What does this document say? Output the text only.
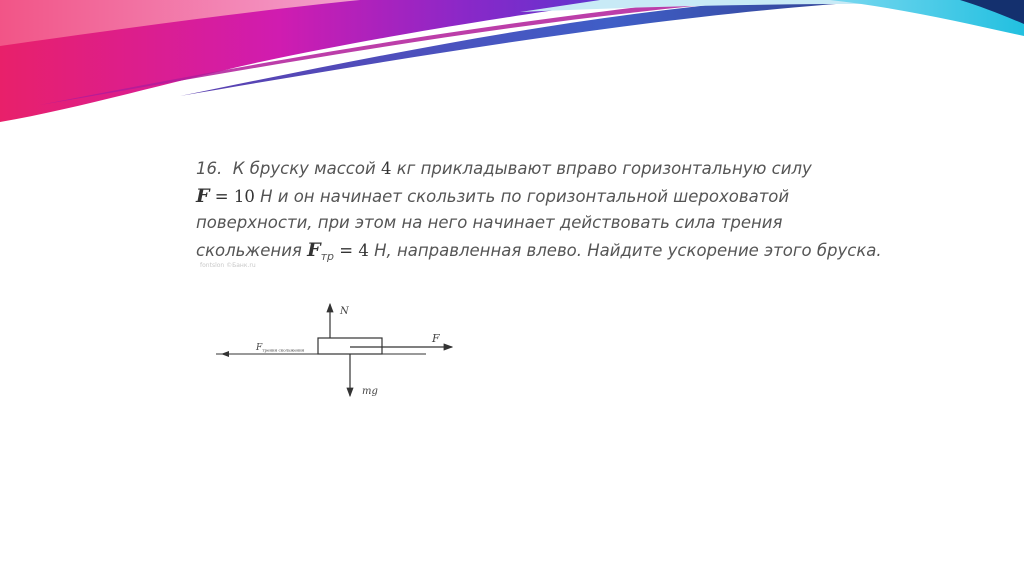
16. К бруску массой 4 кг прикладывают вправо горизонтальную силу
F = 10 Н и он начинает скользить по горизонтальной шероховатой
поверхности, при этом на него начинает действовать сила трения
скольжения $F_{тр} = 4$ Н, направленная влево. Найдите ускорение этого бруска.
fontslon ©Банк.ru
N
F
mg
Fтрения скольжения
